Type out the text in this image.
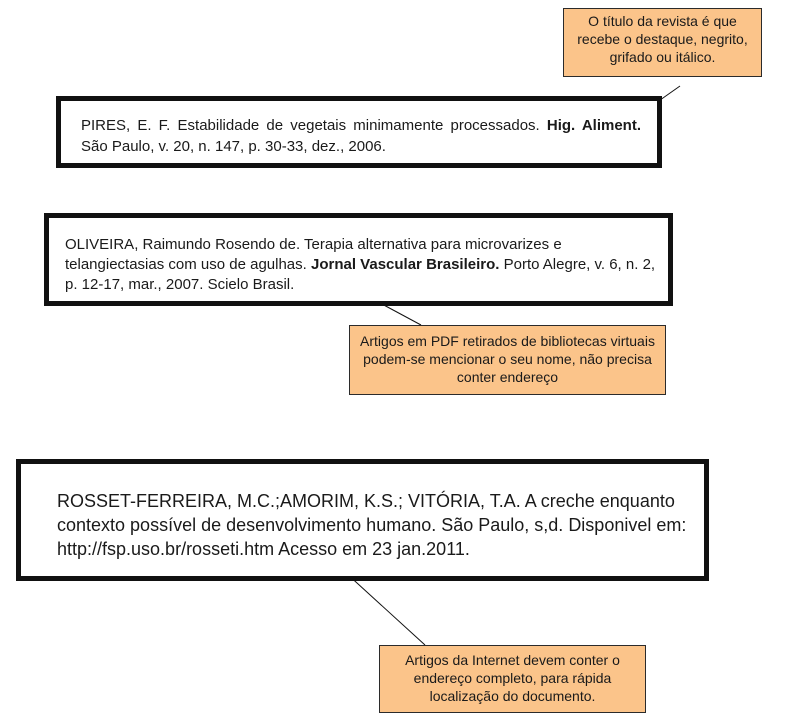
PIRES, E. F. Estabilidade de vegetais minimamente processados. Hig. Aliment. São Paulo, v. 20, n. 147, p. 30-33, dez., 2006.

OLIVEIRA, Raimundo Rosendo de. Terapia alternativa para microvarizes e telangiectasias com uso de agulhas. Jornal Vascular Brasileiro. Porto Alegre, v. 6, n. 2, p. 12-17, mar., 2007. Scielo Brasil.

ROSSET-FERREIRA, M.C.;AMORIM, K.S.; VITÓRIA, T.A. A creche enquanto contexto possível de desenvolvimento humano. São Paulo, s,d. Disponivel em: http://fsp.uso.br/rosseti.htm Acesso em 23 jan.2011.

O título da revista é que recebe o destaque, negrito, grifado ou itálico.
Artigos em PDF retirados de bibliotecas virtuais podem-se mencionar o seu nome, não precisa conter endereço
Artigos da Internet devem conter o endereço completo, para rápida localização do documento.
